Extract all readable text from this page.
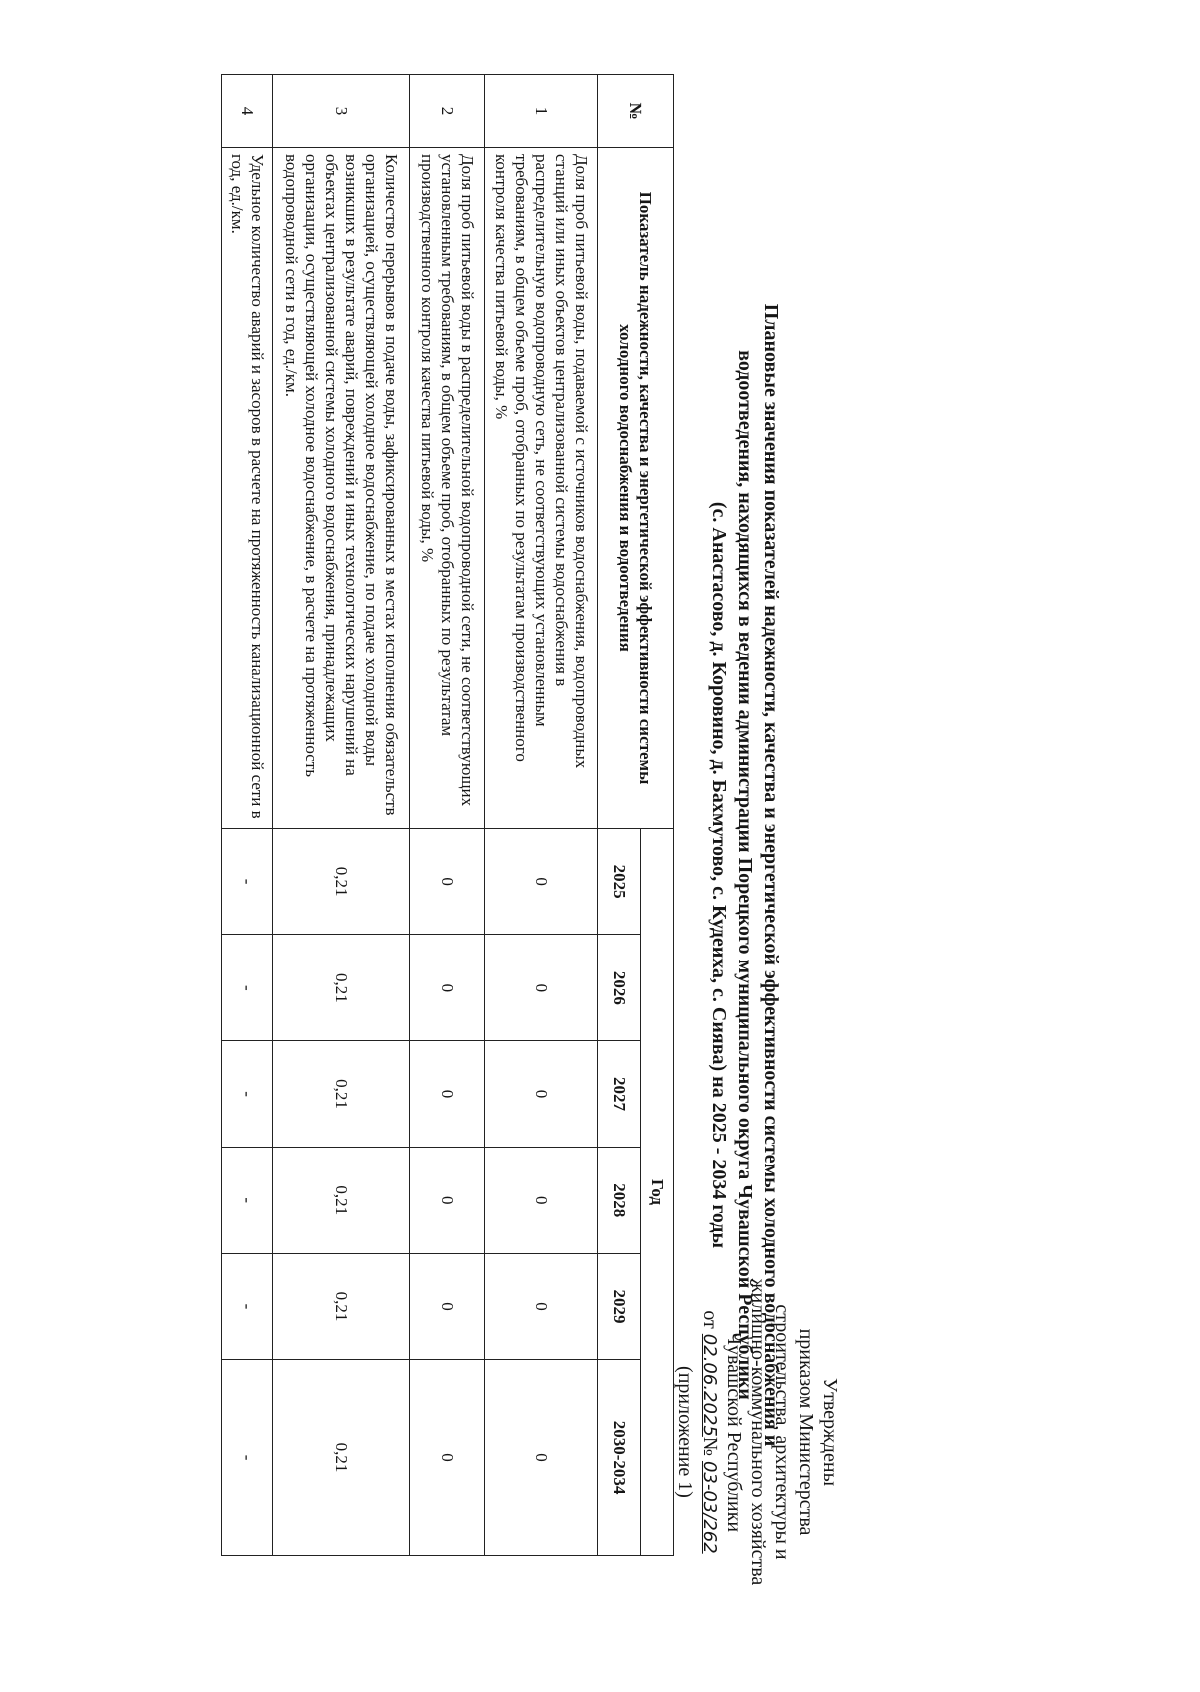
Утверждены
приказом Министерства
строительства, архитектуры и
жилищно-коммунального хозяйства
Чувашской Республики
от 02.06.2025№ 03-03/262
(приложение 1)	Плановые значения показателей надежности, качества и энергетической эффективности системы холодного водоснабжения и
водоотведения, находящихся в ведении администрации Порецкого муниципального округа Чувашской Республики
(с. Анастасово, д. Коровино, д. Бахмутово, с. Кудеиха, с. Сиява) на 2025 - 2034 годы
№	Показатель надежности, качества и энергетической эффективности системы холодного водоснабжения и водоотведения	Год					
		2025	2026	2027	2028	2029	2030-2034
1	Доля проб питьевой воды, подаваемой с источников водоснабжения, водопроводных станций или иных объектов централизованной системы водоснабжения в распределительную водопроводную сеть, не соответствующих установленным требованиям, в общем объеме проб, отобранных по результатам производственного контроля качества питьевой воды, %	0	0	0	0	0	0
2	Доля проб питьевой воды в распределительной водопроводной сети, не соответствующих установленным требованиям, в общем объеме проб, отобранных по результатам производственного контроля качества питьевой воды, %	0	0	0	0	0	0
3	Количество перерывов в подаче воды, зафиксированных в местах исполнения обязательств организацией, осуществляющей холодное водоснабжение, по подаче холодной воды возникших в результате аварий, повреждений и иных технологических нарушений на объектах централизованной системы холодного водоснабжения, принадлежащих организации, осуществляющей холодное водоснабжение, в расчете на протяженность водопроводной сети в год, ед./км.	0,21	0,21	0,21	0,21	0,21	0,21
4	Удельное количество аварий и засоров в расчете на протяженность канализационной сети в год, ед./км.	-	-	-	-	-	-
